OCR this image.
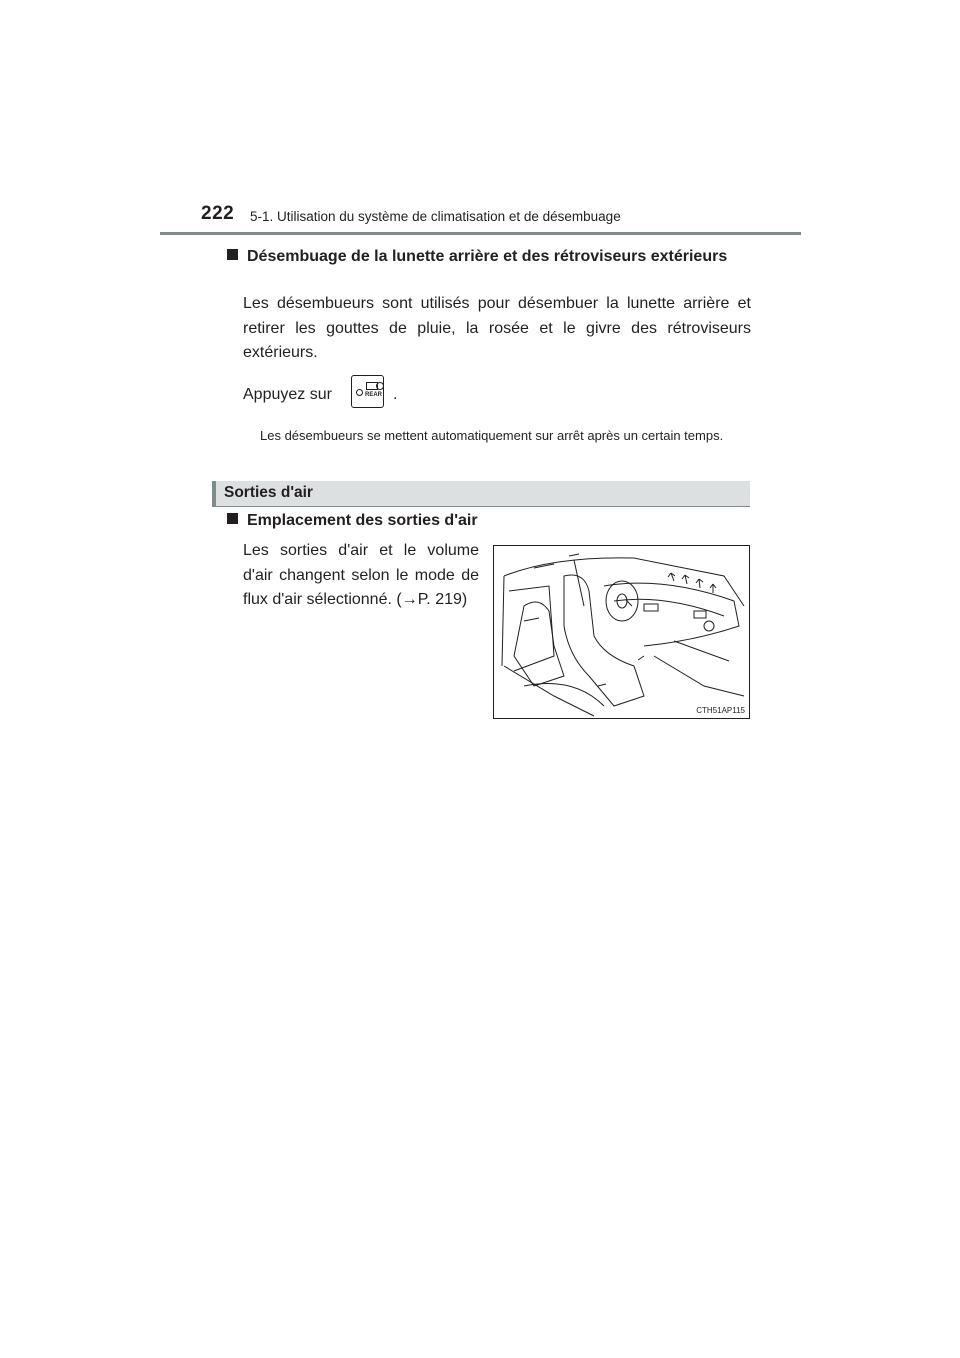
222 5-1. Utilisation du système de climatisation et de désembuage
Désembuage de la lunette arrière et des rétroviseurs extérieurs
Les désembueurs sont utilisés pour désembuer la lunette arrière et retirer les gouttes de pluie, la rosée et le givre des rétroviseurs extérieurs.
Appuyez sur	REAR .
Les désembueurs se mettent automatiquement sur arrêt après un certain temps.
Sorties d'air
Emplacement des sorties d'air
Les sorties d'air et le volume d'air changent selon le mode de flux d'air sélectionné. (→P. 219)
CTH51AP115
